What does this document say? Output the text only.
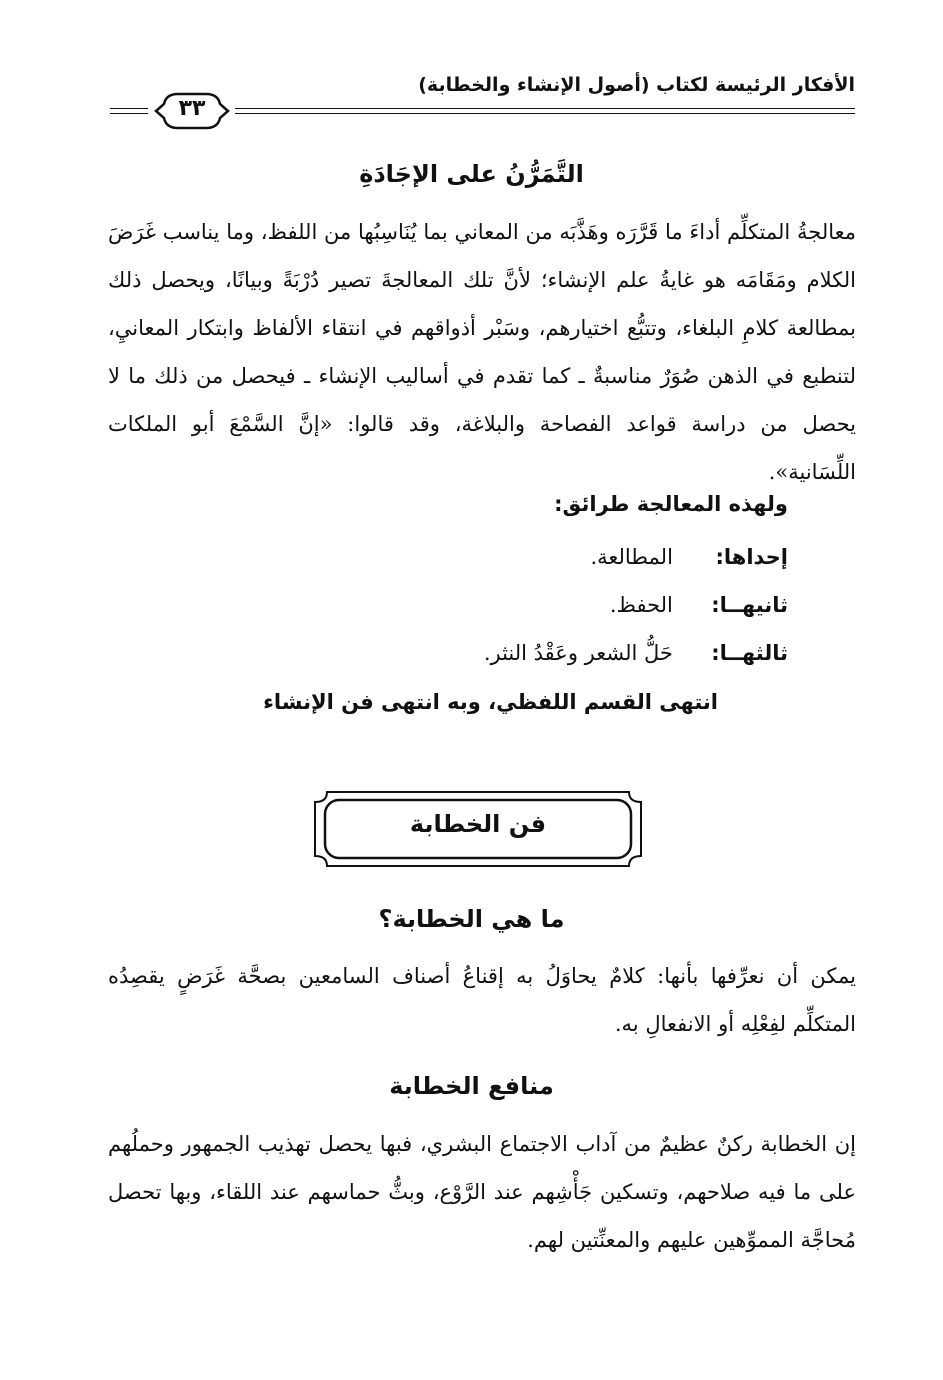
الأفكار الرئيسة لكتاب (أصول الإنشاء والخطابة)
٣٣
التَّمَرُّنُ على الإجَادَةِ
معالجةُ المتكلِّم أداءَ ما قَرَّرَه وهَذَّبَه من المعاني بما يُنَاسِبُها من اللفظ، وما يناسب غَرَضَ الكلام ومَقَامَه هو غايةُ علم الإنشاء؛ لأنَّ تلك المعالجةَ تصير دُرْبَةً وبيانًا، ويحصل ذلك بمطالعة كلامِ البلغاء، وتتبُّع اختيارهم، وسَبْر أذواقهم في انتقاء الألفاظ وابتكار المعانيِ، لتنطبع في الذهن صُوَرٌ مناسبةٌ ـ كما تقدم في أساليب الإنشاء ـ فيحصل من ذلك ما لا يحصل من دراسة قواعد الفصاحة والبلاغة، وقد قالوا: «إنَّ السَّمْعَ أبو الملكات اللِّسَانية».
ولهذه المعالجة طرائق:
إحداها: المطالعة.
ثانيهــا: الحفظ.
ثالثهــا: حَلُّ الشعر وعَقْدُ النثر.
انتهى القسم اللفظي، وبه انتهى فن الإنشاء
فن الخطابة
ما هي الخطابة؟
يمكن أن نعرِّفها بأنها: كلامٌ يحاوَلُ به إقناعُ أصناف السامعين بصحَّة غَرَضٍ يقصِدُه المتكلِّم لفِعْلِه أو الانفعالِ به.
منافع الخطابة
إن الخطابة ركنٌ عظيمٌ من آداب الاجتماع البشري، فبها يحصل تهذيب الجمهور وحملُهم على ما فيه صلاحهم، وتسكين جَأْشِهم عند الرَّوْع، وبثُّ حماسهم عند اللقاء، وبها تحصل مُحاجَّة المموِّهين عليهم والمعنِّتين لهم.
